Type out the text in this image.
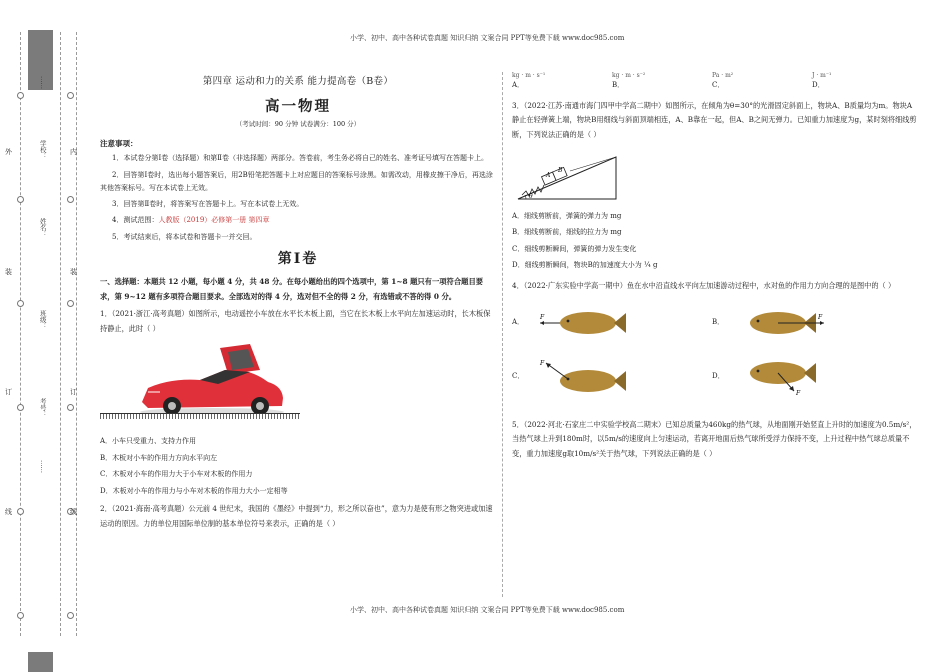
小学、初中、高中各种试卷真题 知识归纳 文案合同 PPT等免费下载 www.doc985.com
小学、初中、高中各种试卷真题 知识归纳 文案合同 PPT等免费下载 www.doc985.com
外
装
订
线
内
装
订
线
……
学校：
姓名：
班级：
考号：
……
第四章 运动和力的关系 能力提高卷（B卷）
高一物理
（考试时间：90 分钟 试卷满分：100 分）
注意事项：
1．本试卷分第Ⅰ卷（选择题）和第Ⅱ卷（非选择题）两部分。答卷前，考生务必将自己的姓名、准考证号填写在答题卡上。
2．回答第Ⅰ卷时，选出每小题答案后，用2B铅笔把答题卡上对应题目的答案标号涂黑。如需改动，用橡皮擦干净后，再选涂其他答案标号。写在本试卷上无效。
3．回答第Ⅱ卷时，将答案写在答题卡上。写在本试卷上无效。
4．测试范围：人教版（2019）必修第一册 第四章
5．考试结束后，将本试卷和答题卡一并交回。
第Ⅰ卷
一、选择题：本题共 12 小题，每小题 4 分，共 48 分。在每小题给出的四个选项中，第 1~8 题只有一项符合题目要求，第 9~12 题有多项符合题目要求。全部选对的得 4 分，选对但不全的得 2 分，有选错或不答的得 0 分。
1．（2021·浙江·高考真题）如图所示，电动遥控小车放在水平长木板上面，当它在长木板上水平向左加速运动时，长木板保持静止，此时（ ）
A．小车只受重力、支持力作用
B．木板对小车的作用力方向水平向左
C．木板对小车的作用力大于小车对木板的作用力
D．木板对小车的作用力与小车对木板的作用力大小一定相等
2．（2021·海南·高考真题）公元前 4 世纪末，我国的《墨经》中提到“力，形之所以奋也”，意为力是使有形之物突进或加速运动的原因。力的单位用国际单位制的基本单位符号来表示，正确的是（ ）
kg · m · s⁻¹	kg · m · s⁻²	Pa · m²	J · m⁻¹
A．	B．	C．	D．
3．（2022·江苏·南通市海门四甲中学高二期中）如图所示，在倾角为θ=30°的光滑固定斜面上，物块A、B质量均为m。物块A静止在轻弹簧上端，物块B用细线与斜面顶端相连，A、B靠在一起，但A、B之间无弹力。已知重力加速度为g，某时刻将细线剪断，下列说法正确的是（ ）
A
B
θ
A．细线剪断前，弹簧的弹力为 mg
B．细线剪断前，细线的拉力为 mg
C．细线剪断瞬间，弹簧的弹力发生变化
D．细线剪断瞬间，物块B的加速度大小为 ¼ g
4．（2022·广东实验中学高一期中）鱼在水中沿直线水平向左加速游动过程中，水对鱼的作用力方向合理的是图中的（ ）
A．
F
B．
F
C．
F
D．
F
5．（2022·河北·石家庄二中实验学校高二期末）已知总质量为460kg的热气球，从地面刚开始竖直上升时的加速度为0.5m/s²，当热气球上升到180m时，以5m/s的速度向上匀速运动，若离开地面后热气球所受浮力保持不变，上升过程中热气球总质量不变，重力加速度g取10m/s²关于热气球，下列说法正确的是（ ）
